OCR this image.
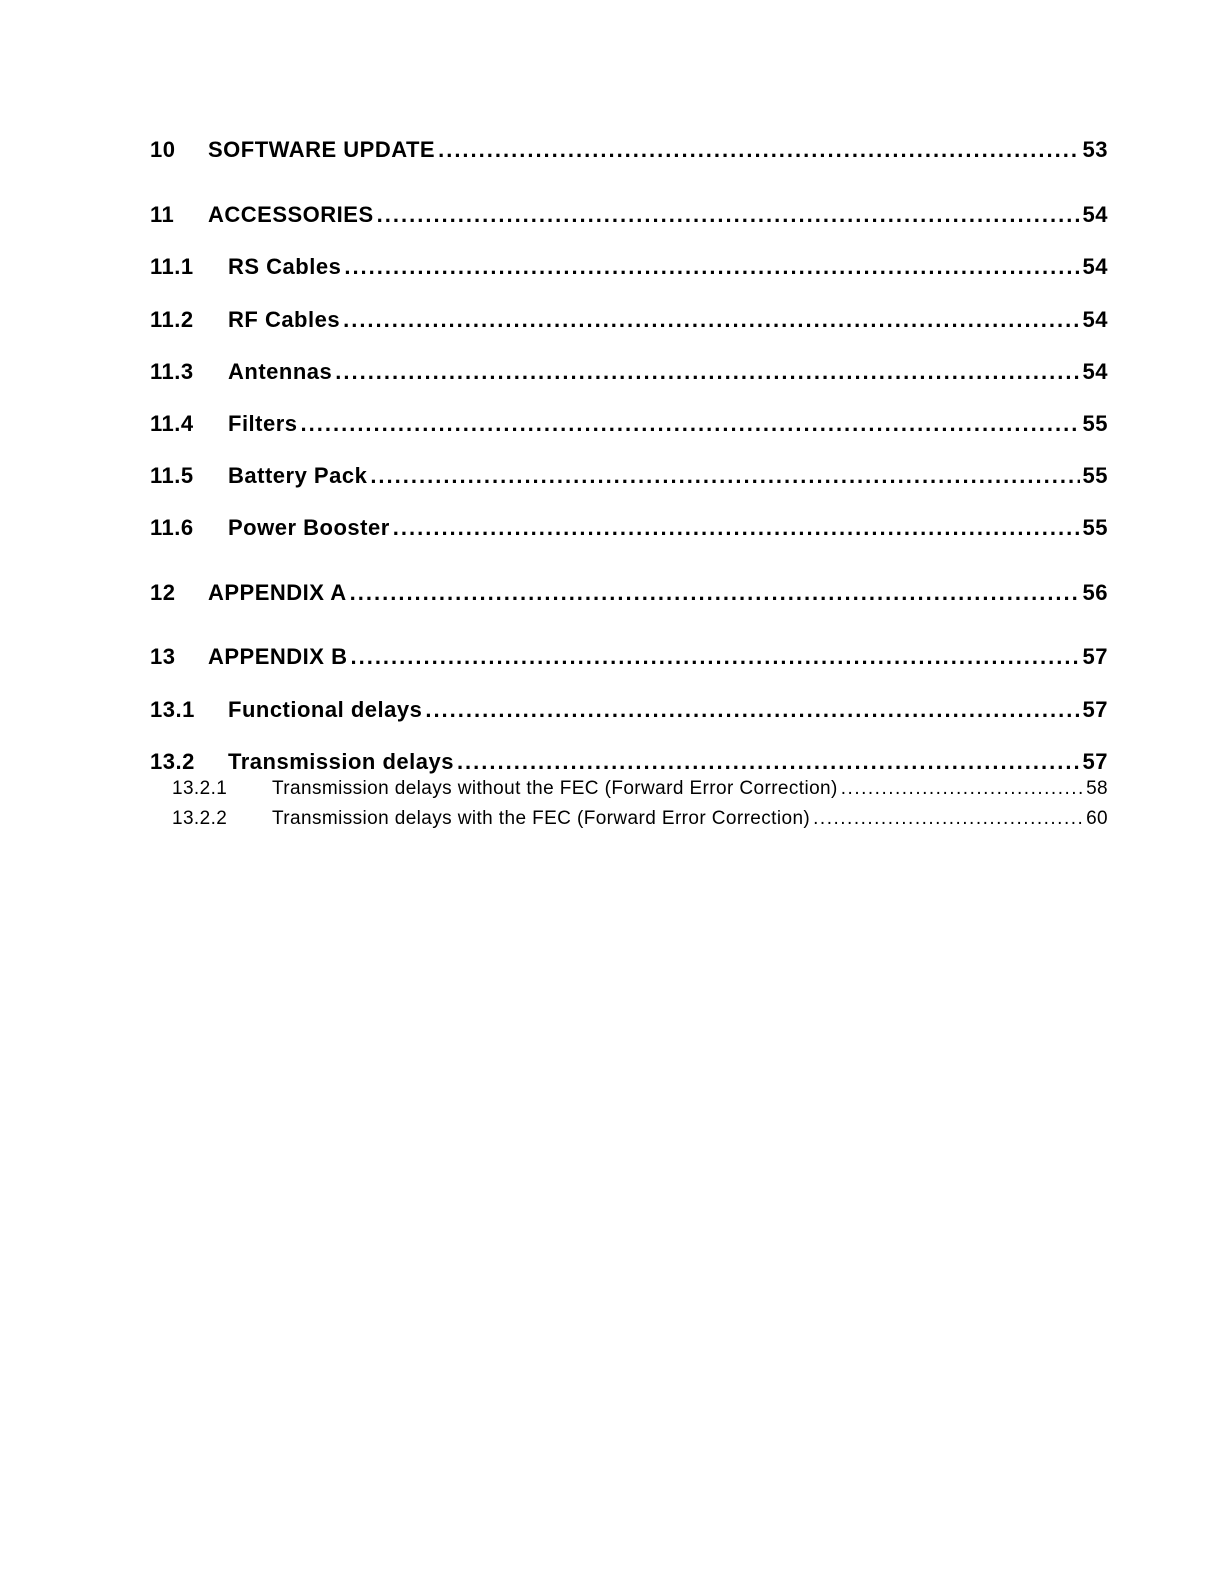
10	SOFTWARE UPDATE .....	53
11	ACCESSORIES .....	54
11.1	RS Cables .....	54
11.2	RF Cables .....	54
11.3	Antennas .....	54
11.4	Filters .....	55
11.5	Battery Pack .....	55
11.6	Power Booster .....	55
12	APPENDIX A .....	56
13	APPENDIX B .....	57
13.1	Functional delays .....	57
13.2	Transmission delays .....	57
13.2.1	Transmission delays without the FEC (Forward Error Correction) .....	58
13.2.2	Transmission delays with the FEC (Forward Error Correction) .....	60
